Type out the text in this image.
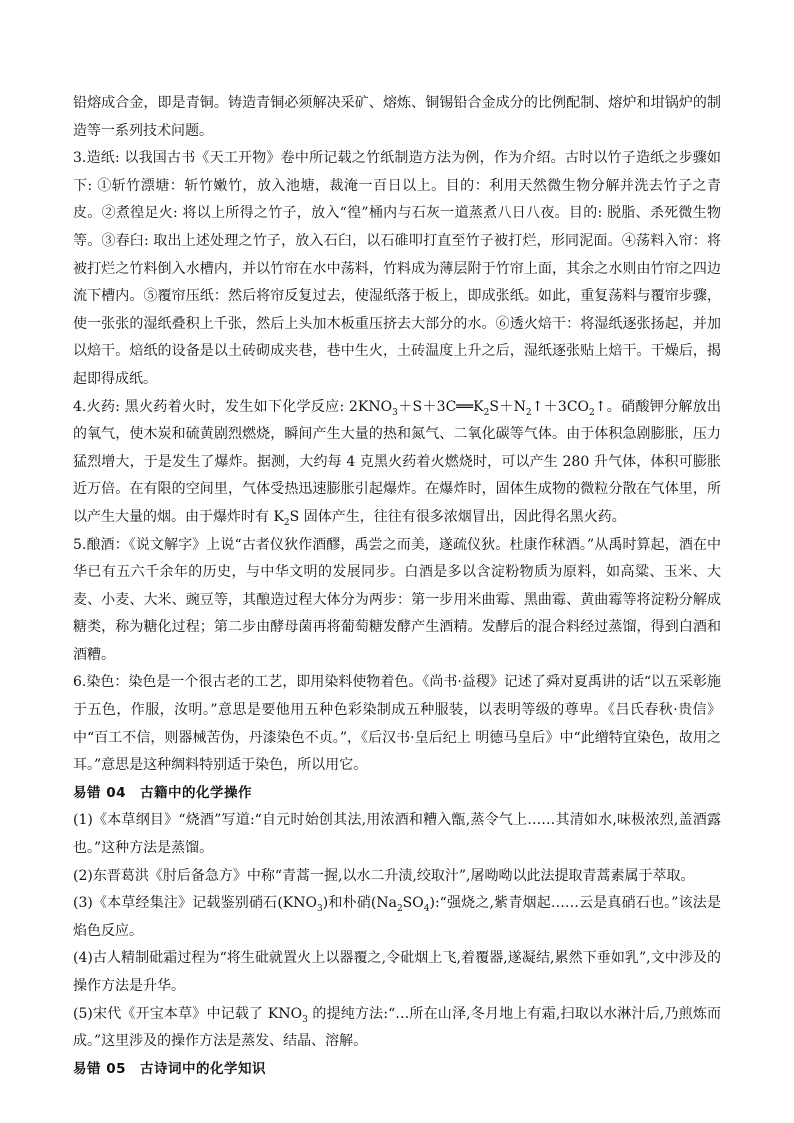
铅熔成合金，即是青铜。铸造青铜必须解决采矿、熔炼、铜锡铅合金成分的比例配制、熔炉和坩锅炉的制造等一系列技术问题。

3.造纸: 以我国古书《天工开物》卷中所记载之竹纸制造方法为例，作为介绍。古时以竹子造纸之步骤如下: ①斩竹漂塘：斩竹嫩竹，放入池塘，裁淹一百日以上。目的：利用天然微生物分解并洗去竹子之青皮。②煮徨足火: 将以上所得之竹子，放入“徨”桶内与石灰一道蒸煮八日八夜。目的: 脱脂、杀死微生物等。③春臼: 取出上述处理之竹子，放入石臼，以石碓叩打直至竹子被打烂，形同泥面。④荡料入帘：将被打烂之竹料倒入水槽内，并以竹帘在水中荡料，竹料成为薄层附于竹帘上面，其余之水则由竹帘之四边流下槽内。⑤覆帘压纸：然后将帘反复过去，使湿纸落于板上，即成张纸。如此，重复荡料与覆帘步骤，使一张张的湿纸叠积上千张，然后上头加木板重压挤去大部分的水。⑥透火焙干：将湿纸逐张扬起，并加以焙干。焙纸的设备是以土砖砌成夹巷，巷中生火，土砖温度上升之后，湿纸逐张贴上焙干。干燥后，揭起即得成纸。

4.火药: 黑火药着火时，发生如下化学反应: $2KNO_3+S+3C══K_2S+N_2↑+3CO_2↑$。硝酸钾分解放出的氧气，使木炭和硫黄剧烈燃烧，瞬间产生大量的热和氮气、二氧化碳等气体。由于体积急剧膨胀，压力猛烈增大，于是发生了爆炸。据测，大约每 4 克黑火药着火燃烧时，可以产生 280 升气体，体积可膨胀近万倍。在有限的空间里，气体受热迅速膨胀引起爆炸。在爆炸时，固体生成物的微粒分散在气体里，所以产生大量的烟。由于爆炸时有 $K_2S$ 固体产生，往往有很多浓烟冒出，因此得名黑火药。

5.酿酒：《说文解字》上说“古者仪狄作酒醪，禹尝之而美，遂疏仪狄。杜康作秫酒。”从禹时算起，酒在中华已有五六千余年的历史，与中华文明的发展同步。白酒是多以含淀粉物质为原料，如高粱、玉米、大麦、小麦、大米、豌豆等，其酿造过程大体分为两步：第一步用米曲霉、黑曲霉、黄曲霉等将淀粉分解成糖类，称为糖化过程；第二步由酵母菌再将葡萄糖发酵产生酒精。发酵后的混合料经过蒸馏，得到白酒和酒糟。

6.染色：染色是一个很古老的工艺，即用染料使物着色。《尚书·益稷》记述了舜对夏禹讲的话“以五采彰施于五色，作服，汝明。”意思是要他用五种色彩染制成五种服装，以表明等级的尊卑。《吕氏春秋·贵信》中“百工不信，则器械苦伪，丹漆染色不贞。”，《后汉书·皇后纪上 明德马皇后》中“此缯特宜染色，故用之耳。”意思是这种绸料特别适于染色，所以用它。

易错 04 古籍中的化学操作

(1)《本草纲目》“烧酒”写道:“自元时始创其法,用浓酒和糟入甑,蒸令气上……其清如水,味极浓烈,盖酒露也。”这种方法是蒸馏。

(2)东晋葛洪《肘后备急方》中称“青蒿一握,以水二升渍,绞取汁”,屠呦呦以此法提取青蒿素属于萃取。

(3)《本草经集注》记载鉴别硝石$(KNO_3)$和朴硝$(Na_2SO_4):“$强烧之,紫青烟起……云是真硝石也。”该法是焰色反应。

(4)古人精制砒霜过程为“将生砒就置火上以器覆之,令砒烟上飞,着覆器,遂凝结,累然下垂如乳”,文中涉及的操作方法是升华。

(5)宋代《开宝本草》中记载了 $KNO_3$ 的提纯方法:“…所在山泽,冬月地上有霜,扫取以水淋汁后,乃煎炼而成。”这里涉及的操作方法是蒸发、结晶、溶解。

易错 05 古诗词中的化学知识
